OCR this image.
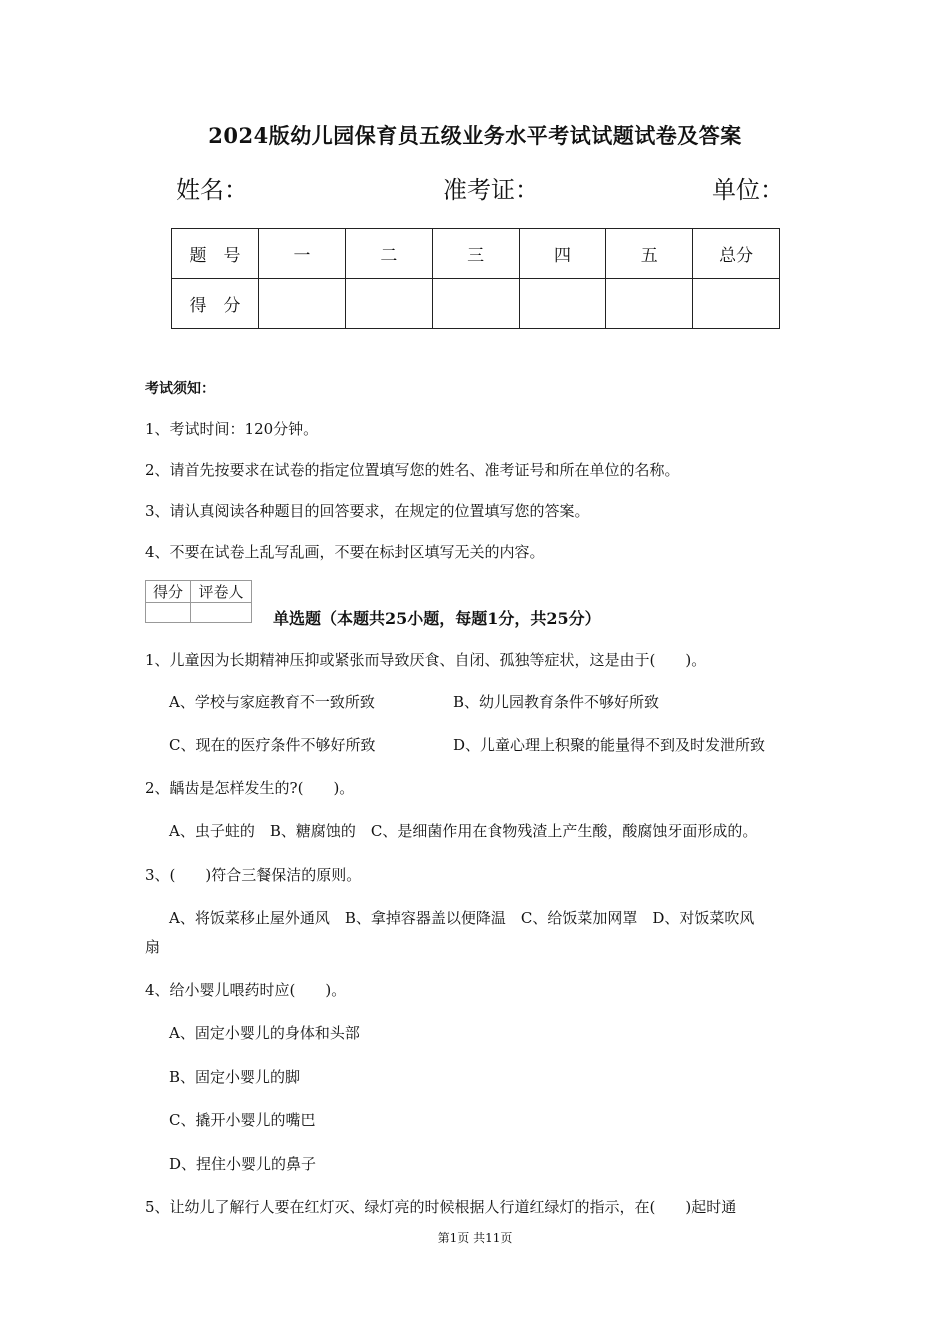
2024版幼儿园保育员五级业务水平考试试题试卷及答案
姓名：	准考证：	单位：
题　号	一	二	三	四	五	总分
得　分						
考试须知：
1、考试时间：120分钟。
2、请首先按要求在试卷的指定位置填写您的姓名、准考证号和所在单位的名称。
3、请认真阅读各种题目的回答要求，在规定的位置填写您的答案。
4、不要在试卷上乱写乱画，不要在标封区填写无关的内容。
得分	评卷人

单选题（本题共25小题，每题1分，共25分）
1、儿童因为长期精神压抑或紧张而导致厌食、自闭、孤独等症状，这是由于(　　)。
A、学校与家庭教育不一致所致	B、幼儿园教育条件不够好所致
C、现在的医疗条件不够好所致	D、儿童心理上积聚的能量得不到及时发泄所致
2、龋齿是怎样发生的?(　　)。
A、虫子蛀的　B、糖腐蚀的　C、是细菌作用在食物残渣上产生酸，酸腐蚀牙面形成的。
3、(　　)符合三餐保洁的原则。
A、将饭菜移止屋外通风　B、拿掉容器盖以便降温　C、给饭菜加网罩　D、对饭菜吹风
扇
4、给小婴儿喂药时应(　　)。
A、固定小婴儿的身体和头部
B、固定小婴儿的脚
C、撬开小婴儿的嘴巴
D、捏住小婴儿的鼻子
5、让幼儿了解行人要在红灯灭、绿灯亮的时候根据人行道红绿灯的指示，在(　　)起时通
第1页 共11页
